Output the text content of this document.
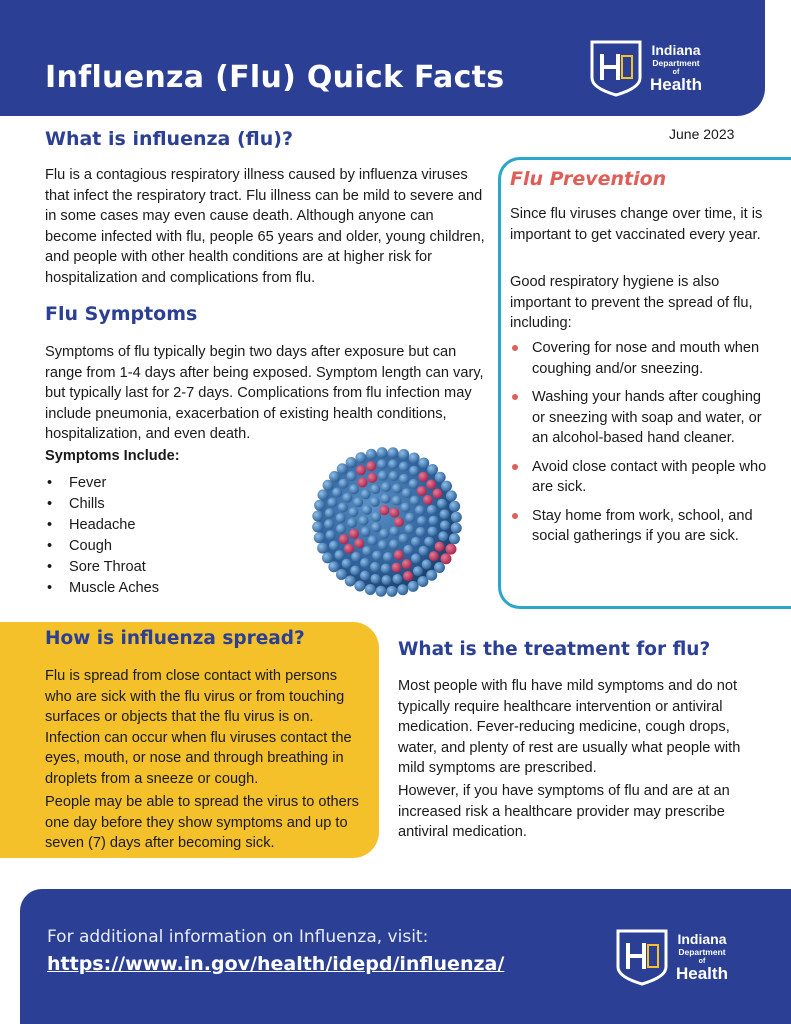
Influenza (Flu) Quick Facts
Indiana
Department
of
Health
June 2023
What is influenza (flu)?

Flu is a contagious respiratory illness caused by influenza viruses that infect the respiratory tract. Flu illness can be mild to severe and in some cases may even cause death. Although anyone can become infected with flu, people 65 years and older, young children, and people with other health conditions are at higher risk for hospitalization and complications from flu.

Flu Symptoms

Symptoms of flu typically begin two days after exposure but can range from 1-4 days after being exposed. Symptom length can vary, but typically last for 2-7 days. Complications from flu infection may include pneumonia, exacerbation of existing health conditions, hospitalization, and even death.

Symptoms Include:
• Fever
• Chills
• Headache
• Cough
• Sore Throat
• Muscle Aches
Flu Prevention

Since flu viruses change over time, it is important to get vaccinated every year.

Good respiratory hygiene is also important to prevent the spread of flu, including:

Covering for nose and mouth when coughing and/or sneezing.
Washing your hands after coughing or sneezing with soap and water, or an alcohol-based hand cleaner.
Avoid close contact with people who are sick.
Stay home from work, school, and social gatherings if you are sick.
How is influenza spread?

Flu is spread from close contact with persons who are sick with the flu virus or from touching surfaces or objects that the flu virus is on. Infection can occur when flu viruses contact the eyes, mouth, or nose and through breathing in droplets from a sneeze or cough.

People may be able to spread the virus to others one day before they show symptoms and up to seven (7) days after becoming sick.

What is the treatment for flu?

Most people with flu have mild symptoms and do not typically require healthcare intervention or antiviral medication. Fever-reducing medicine, cough drops, water, and plenty of rest are usually what people with mild symptoms are prescribed.

However, if you have symptoms of flu and are at an increased risk a healthcare provider may prescribe antiviral medication.

For additional information on Influenza, visit:
https://www.in.gov/health/idepd/influenza/
Indiana
Department
of
Health
